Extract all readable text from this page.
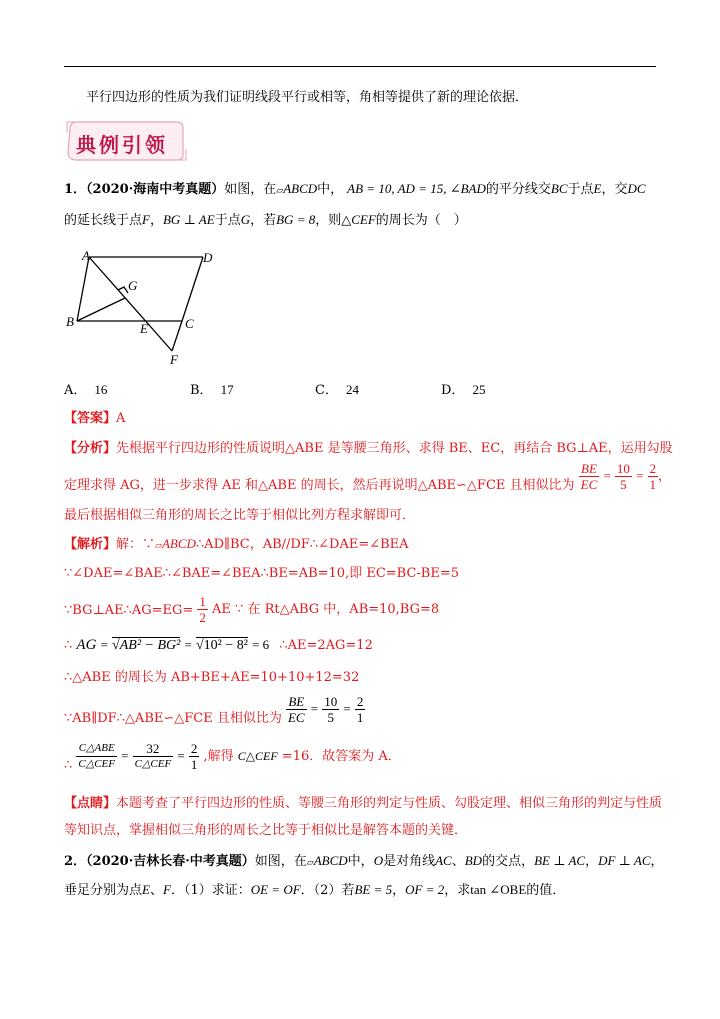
平行四边形的性质为我们证明线段平行或相等，角相等提供了新的理论依据．
典例引领
1．（2020·海南中考真题）如图，在▱ABCD中， AB = 10, AD = 15, ∠BAD的平分线交BC于点E，交DC
的延长线于点F，BG ⊥ AE于点G，若BG = 8，则△CEF的周长为（　）
A	D
G
B	E	C
F
A． 16	B． 17	C． 24	D． 25
【答案】A
【分析】先根据平行四边形的性质说明△ABE 是等腰三角形、求得 BE、EC，再结合 BG⊥AE，运用勾股
定理求得 AG，进一步求得 AE 和△ABE 的周长，然后再说明△ABE∽△FCE 且相似比为 $\frac{BE}{EC} = \frac{10}{5} = \frac{2}{1}$ ，
最后根据相似三角形的周长之比等于相似比列方程求解即可．
【解析】解：∵▱ABCD∴AD∥BC，AB//DF∴∠DAE=∠BEA
∵∠DAE=∠BAE∴∠BAE=∠BEA∴BE=AB=10,即 EC=BC-BE=5
∵BG⊥AE∴AG=EG= $\frac{1}{2}$ AE ∵ 在 Rt△ABG 中，AB=10,BG=8
∴ AG = √AB² − BG² = √10² − 8² = 6 ∴AE=2AG=12
∴△ABE 的周长为 AB+BE+AE=10+10+12=32
∵AB∥DF∴△ABE∽△FCE 且相似比为 $\frac{BE}{EC} = \frac{10}{5} = \frac{2}{1}$
∴ $\frac{\text{C△ABE}}{\text{C△CEF}} = \frac{32}{\text{C△CEF}} = \frac{2}{1}$ ,解得 C△CEF =16．故答案为 A．
【点睛】本题考查了平行四边形的性质、等腰三角形的判定与性质、勾股定理、相似三角形的判定与性质
等知识点，掌握相似三角形的周长之比等于相似比是解答本题的关键．
2．（2020·吉林长春·中考真题）如图，在▱ABCD中，O是对角线AC、BD的交点，BE ⊥ AC，DF ⊥ AC，
垂足分别为点E、F．（1）求证：OE = OF．（2）若BE = 5，OF = 2，求tan ∠OBE的值．
